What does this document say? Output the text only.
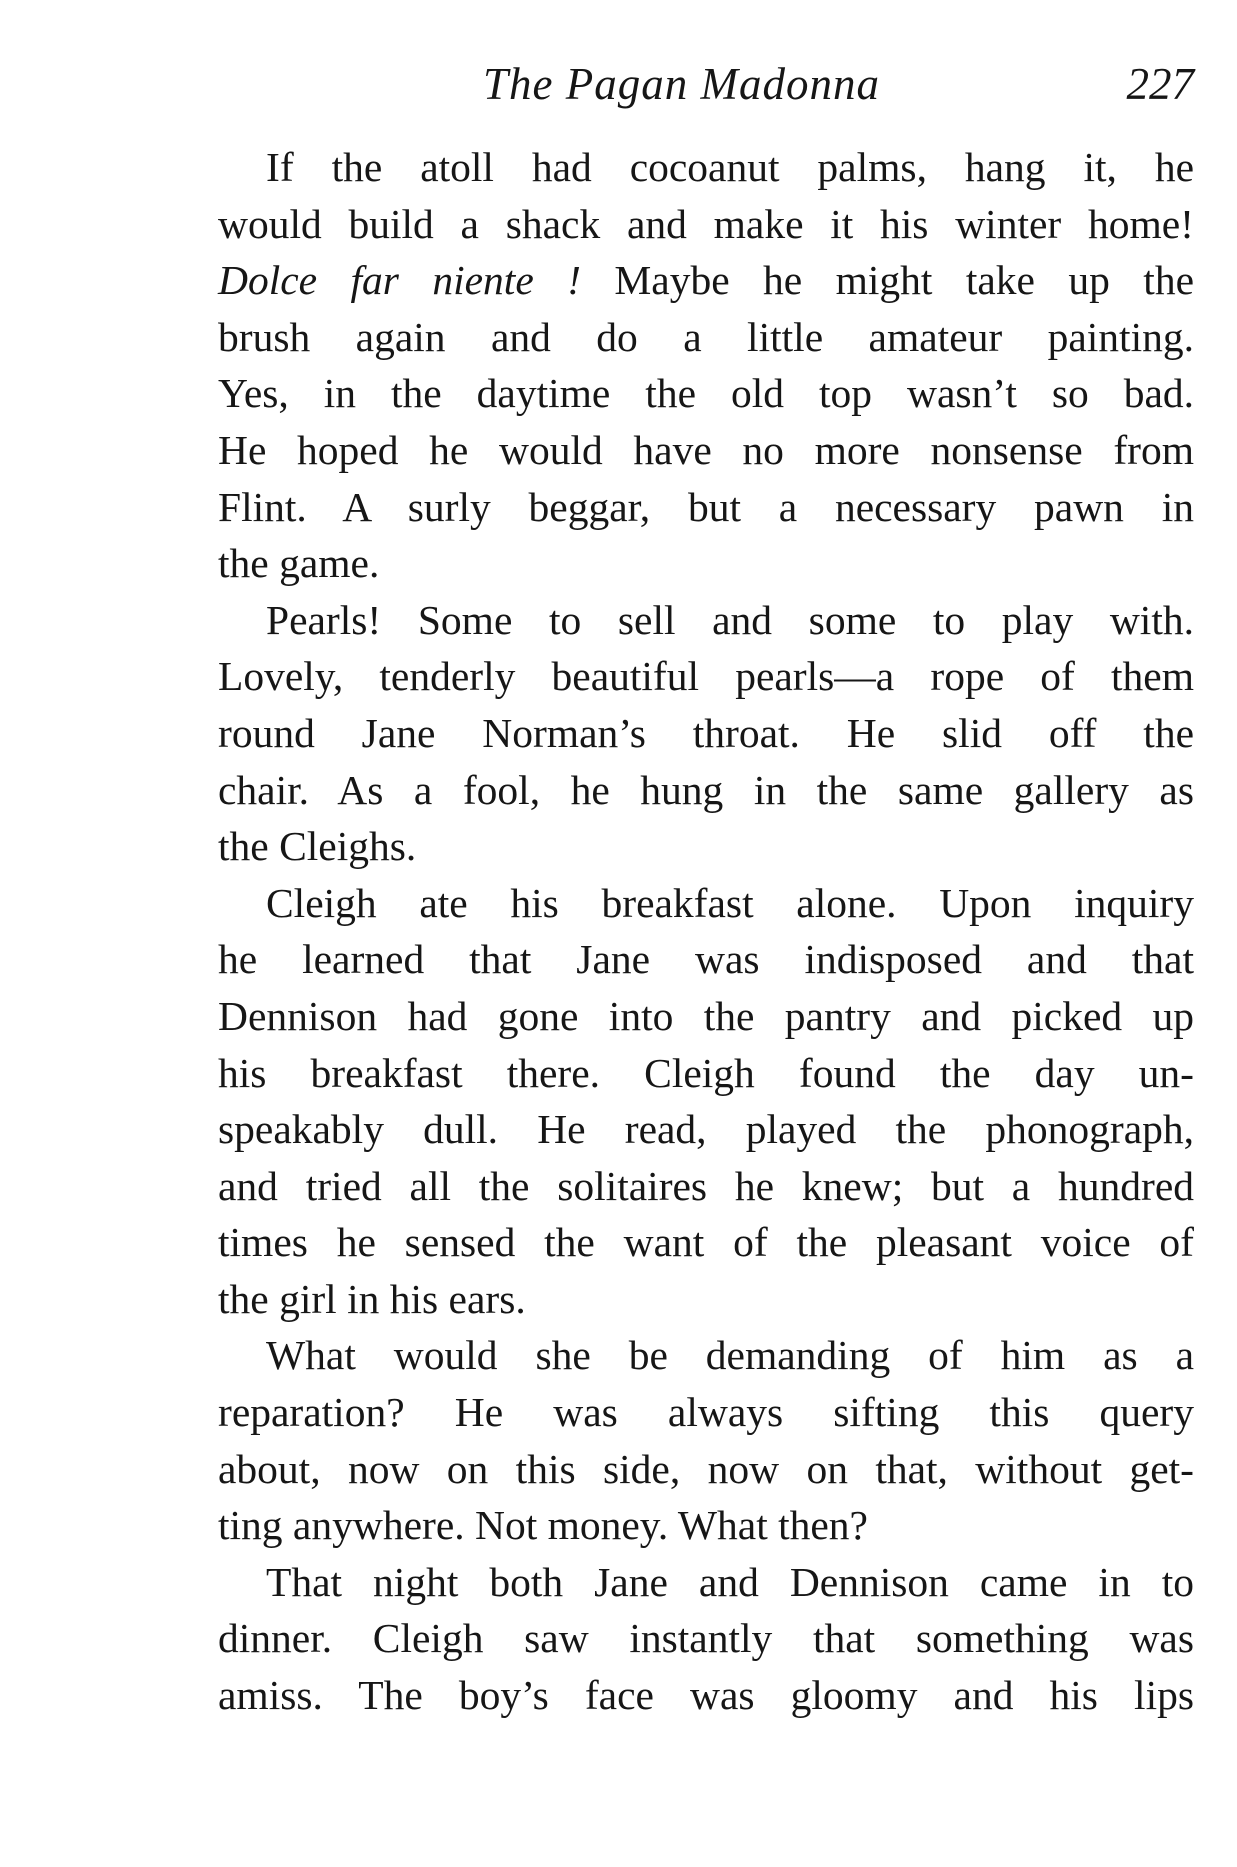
The Pagan Madonna	227
If the atoll had cocoanut palms, hang it, he
would build a shack and make it his winter home!
Dolce far niente ! Maybe he might take up the
brush again and do a little amateur painting.
Yes, in the daytime the old top wasn’t so bad.
He hoped he would have no more nonsense from
Flint. A surly beggar, but a necessary pawn in
the game.
Pearls! Some to sell and some to play with.
Lovely, tenderly beautiful pearls—a rope of them
round Jane Norman’s throat. He slid off the
chair. As a fool, he hung in the same gallery as
the Cleighs.
Cleigh ate his breakfast alone. Upon inquiry
he learned that Jane was indisposed and that
Dennison had gone into the pantry and picked up
his breakfast there. Cleigh found the day un-
speakably dull. He read, played the phonograph,
and tried all the solitaires he knew; but a hundred
times he sensed the want of the pleasant voice of
the girl in his ears.
What would she be demanding of him as a
reparation? He was always sifting this query
about, now on this side, now on that, without get-
ting anywhere. Not money. What then?
That night both Jane and Dennison came in to
dinner. Cleigh saw instantly that something was
amiss. The boy’s face was gloomy and his lips
